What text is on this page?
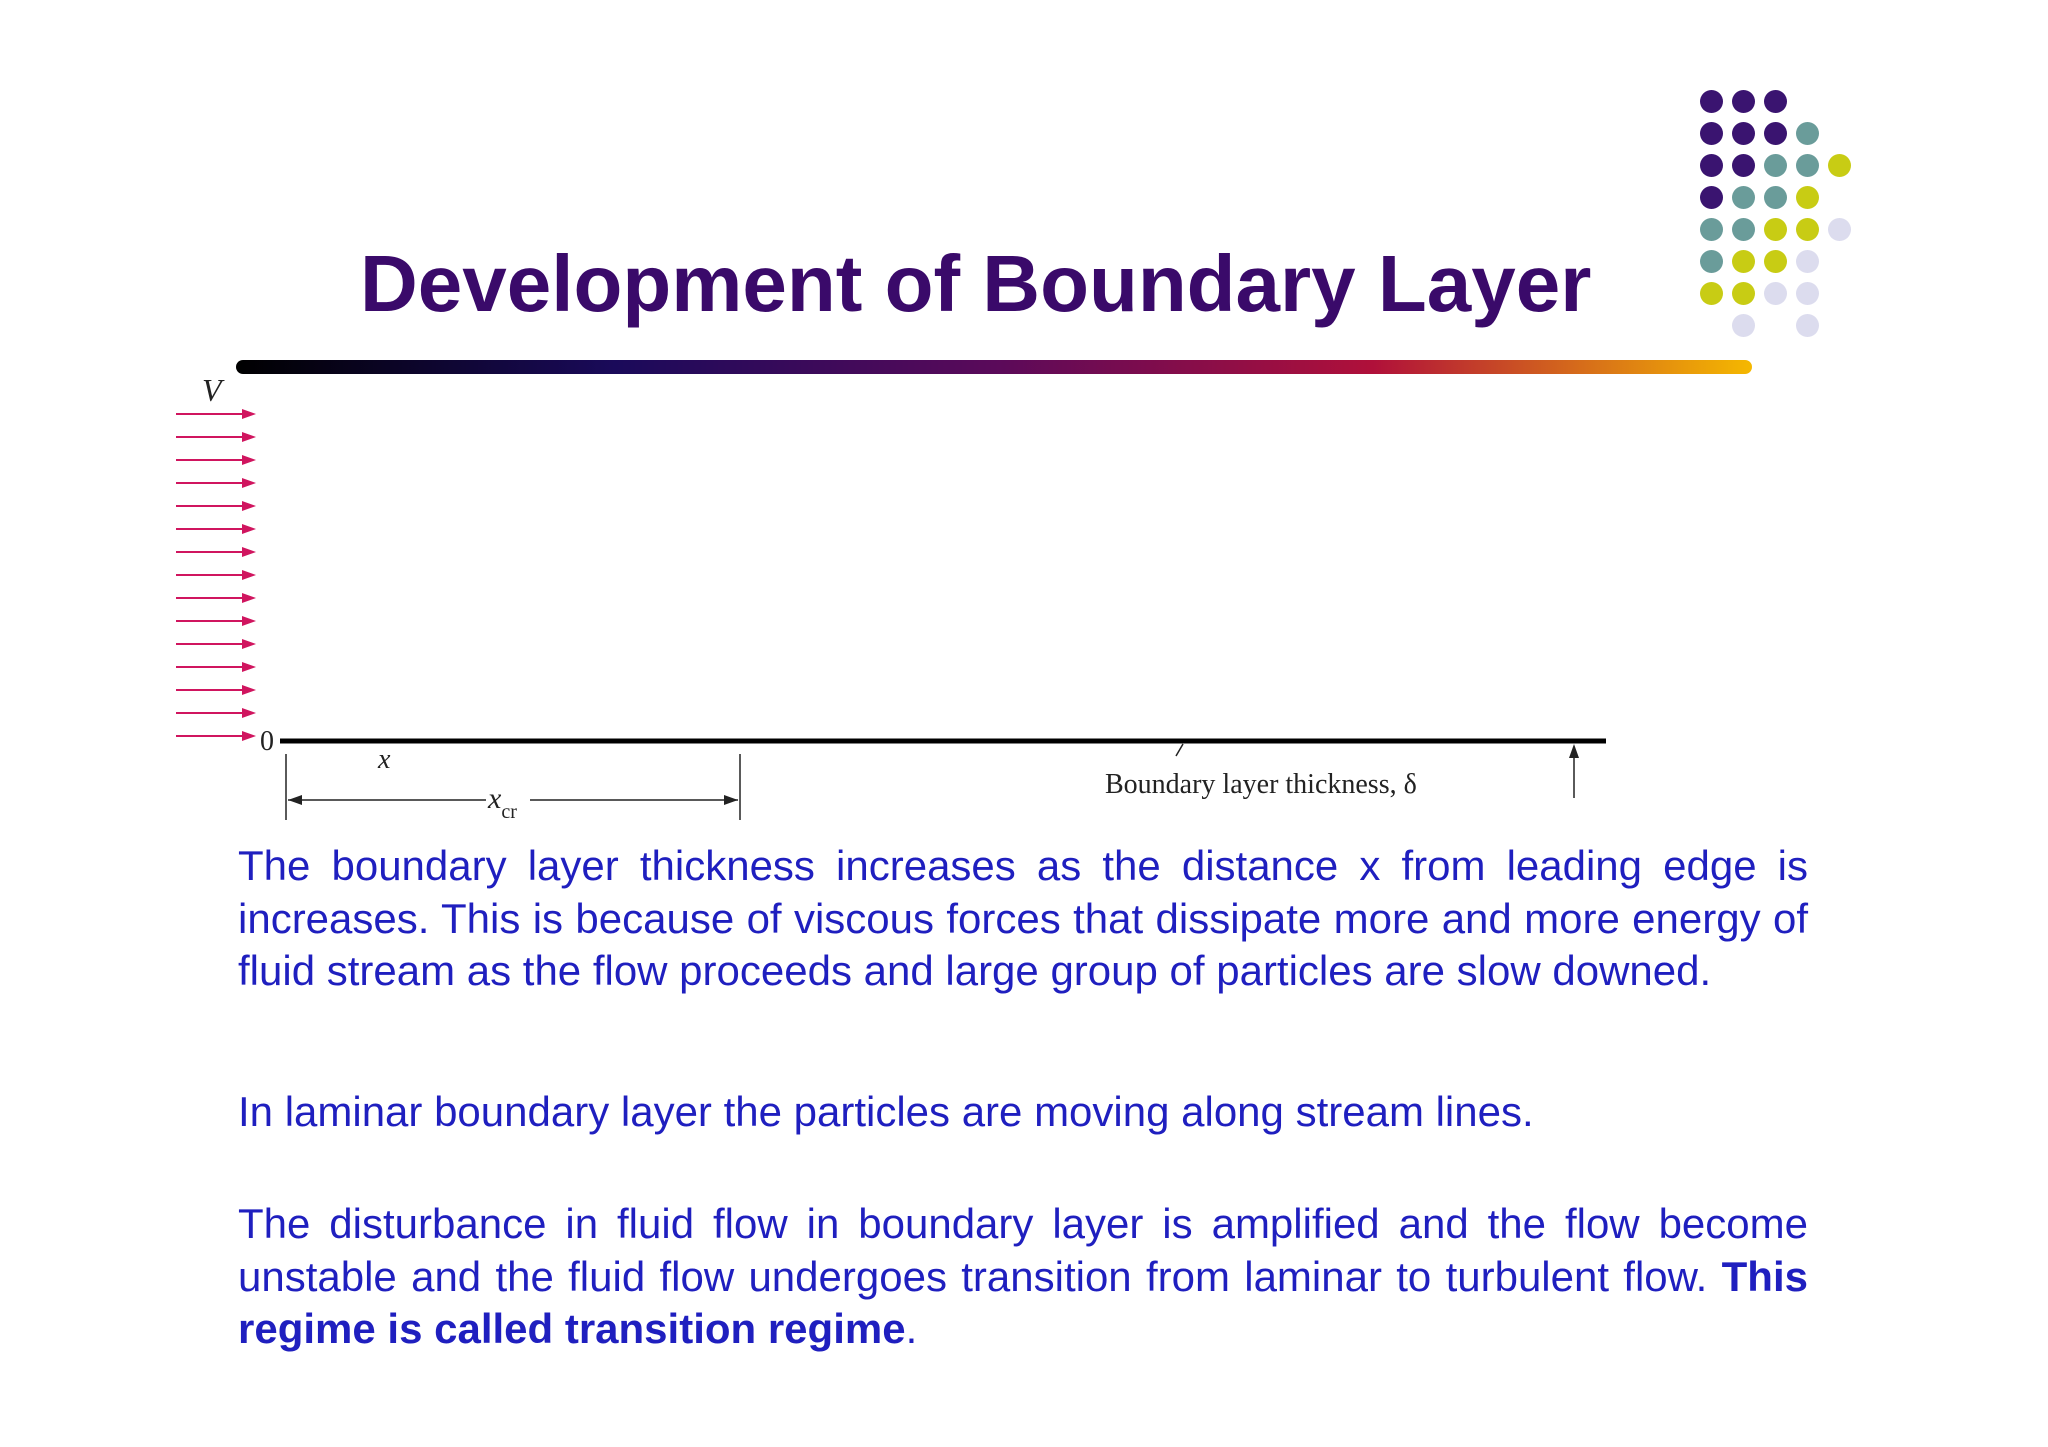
Development of Boundary Layer
V
0
x
$x_{cr}$
Boundary layer thickness, δ

The boundary layer thickness increases as the distance x from leading edge is increases. This is because of viscous forces that dissipate more and more energy of fluid stream as the flow proceeds and large group of particles are slow downed.

In laminar boundary layer the particles are moving along stream lines.

The disturbance in fluid flow in boundary layer is amplified and the flow become unstable and the fluid flow undergoes transition from laminar to turbulent flow. This regime is called transition regime.
